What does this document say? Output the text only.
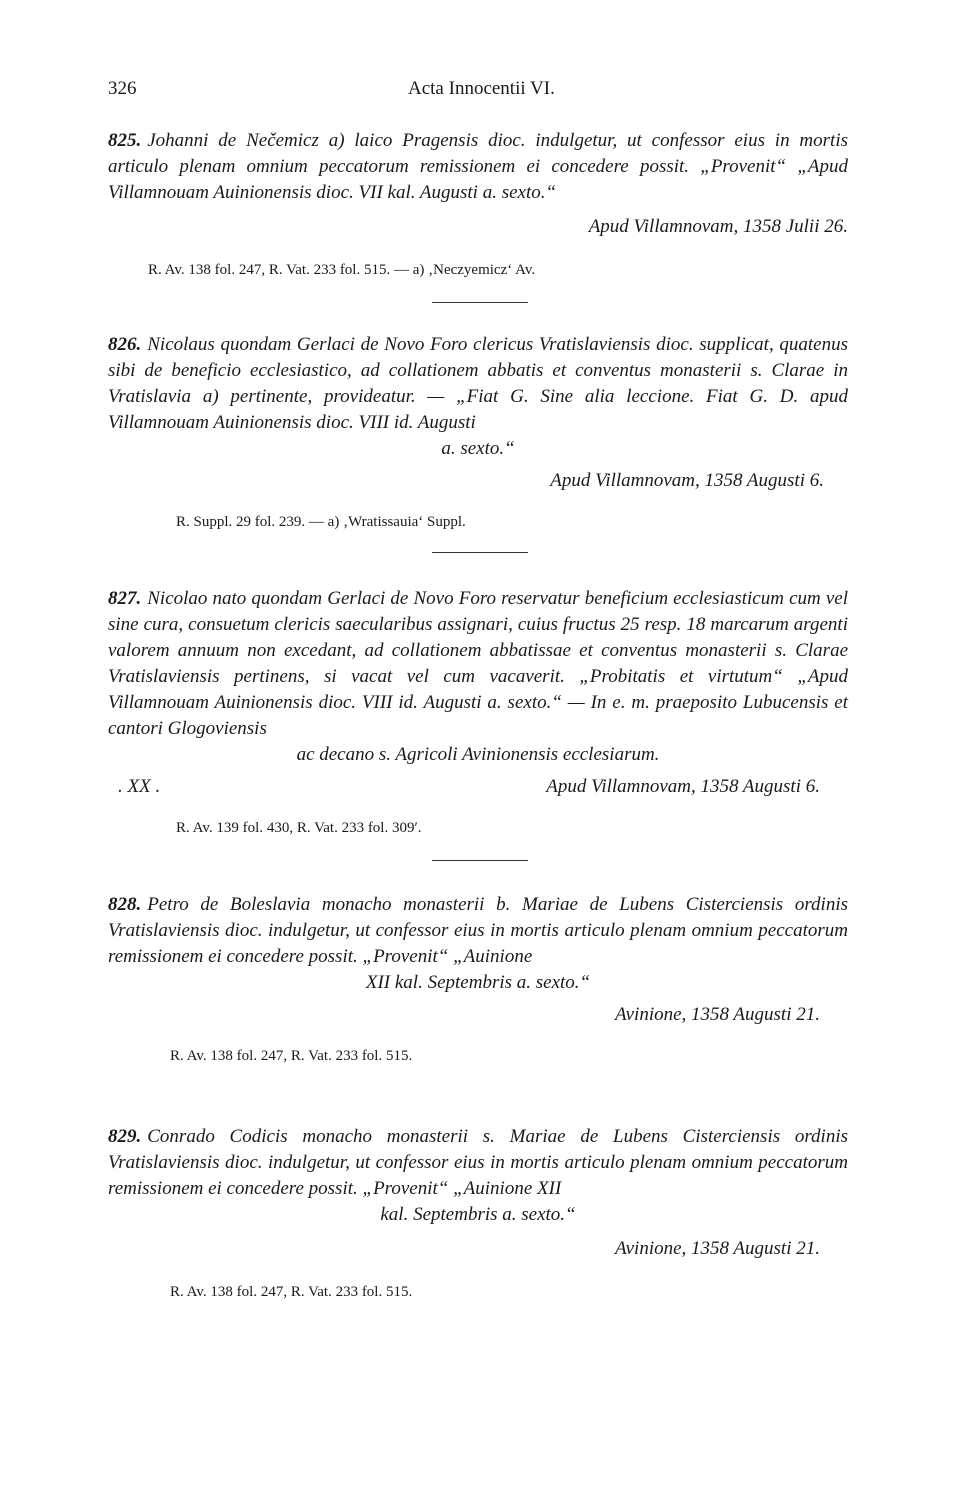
326	Acta Innocentii VI.
825. Johanni de Nečemicz a) laico Pragensis dioc. indulgetur, ut confessor eius in mortis articulo plenam omnium peccatorum remissionem ei concedere possit. „Provenit“ „Apud Villamnouam Auinionensis dioc. VII kal. Augusti a. sexto.“
Apud Villamnovam, 1358 Julii 26.
R. Av. 138 fol. 247, R. Vat. 233 fol. 515. — a) ‚Neczyemicz‘ Av.
826. Nicolaus quondam Gerlaci de Novo Foro clericus Vratislaviensis dioc. supplicat, quatenus sibi de beneficio ecclesiastico, ad collationem abbatis et conventus monasterii s. Clarae in Vratislavia a) pertinente, provideatur. — „Fiat G. Sine alia leccione. Fiat G. D. apud Villamnouam Auinionensis dioc. VIII id. Augusti
a. sexto.“
Apud Villamnovam, 1358 Augusti 6.
R. Suppl. 29 fol. 239. — a) ‚Wratissauia‘ Suppl.
827. Nicolao nato quondam Gerlaci de Novo Foro reservatur beneficium ecclesiasticum cum vel sine cura, consuetum clericis saecularibus assignari, cuius fructus 25 resp. 18 marcarum argenti valorem annuum non excedant, ad collationem abbatissae et conventus monasterii s. Clarae Vratislaviensis pertinens, si vacat vel cum vacaverit. „Probitatis et virtutum“ „Apud Villamnouam Auinionensis dioc. VIII id. Augusti a. sexto.“ — In e. m. praeposito Lubucensis et cantori Glogoviensis
ac decano s. Agricoli Avinionensis ecclesiarum.
. XX .	Apud Villamnovam, 1358 Augusti 6.
R. Av. 139 fol. 430, R. Vat. 233 fol. 309′.
828. Petro de Boleslavia monacho monasterii b. Mariae de Lubens Cisterciensis ordinis Vratislaviensis dioc. indulgetur, ut confessor eius in mortis articulo plenam omnium peccatorum remissionem ei concedere possit. „Provenit“ „Auinione
XII kal. Septembris a. sexto.“
Avinione, 1358 Augusti 21.
R. Av. 138 fol. 247, R. Vat. 233 fol. 515.
829. Conrado Codicis monacho monasterii s. Mariae de Lubens Cisterciensis ordinis Vratislaviensis dioc. indulgetur, ut confessor eius in mortis articulo plenam omnium peccatorum remissionem ei concedere possit. „Provenit“ „Auinione XII
kal. Septembris a. sexto.“
Avinione, 1358 Augusti 21.
R. Av. 138 fol. 247, R. Vat. 233 fol. 515.
